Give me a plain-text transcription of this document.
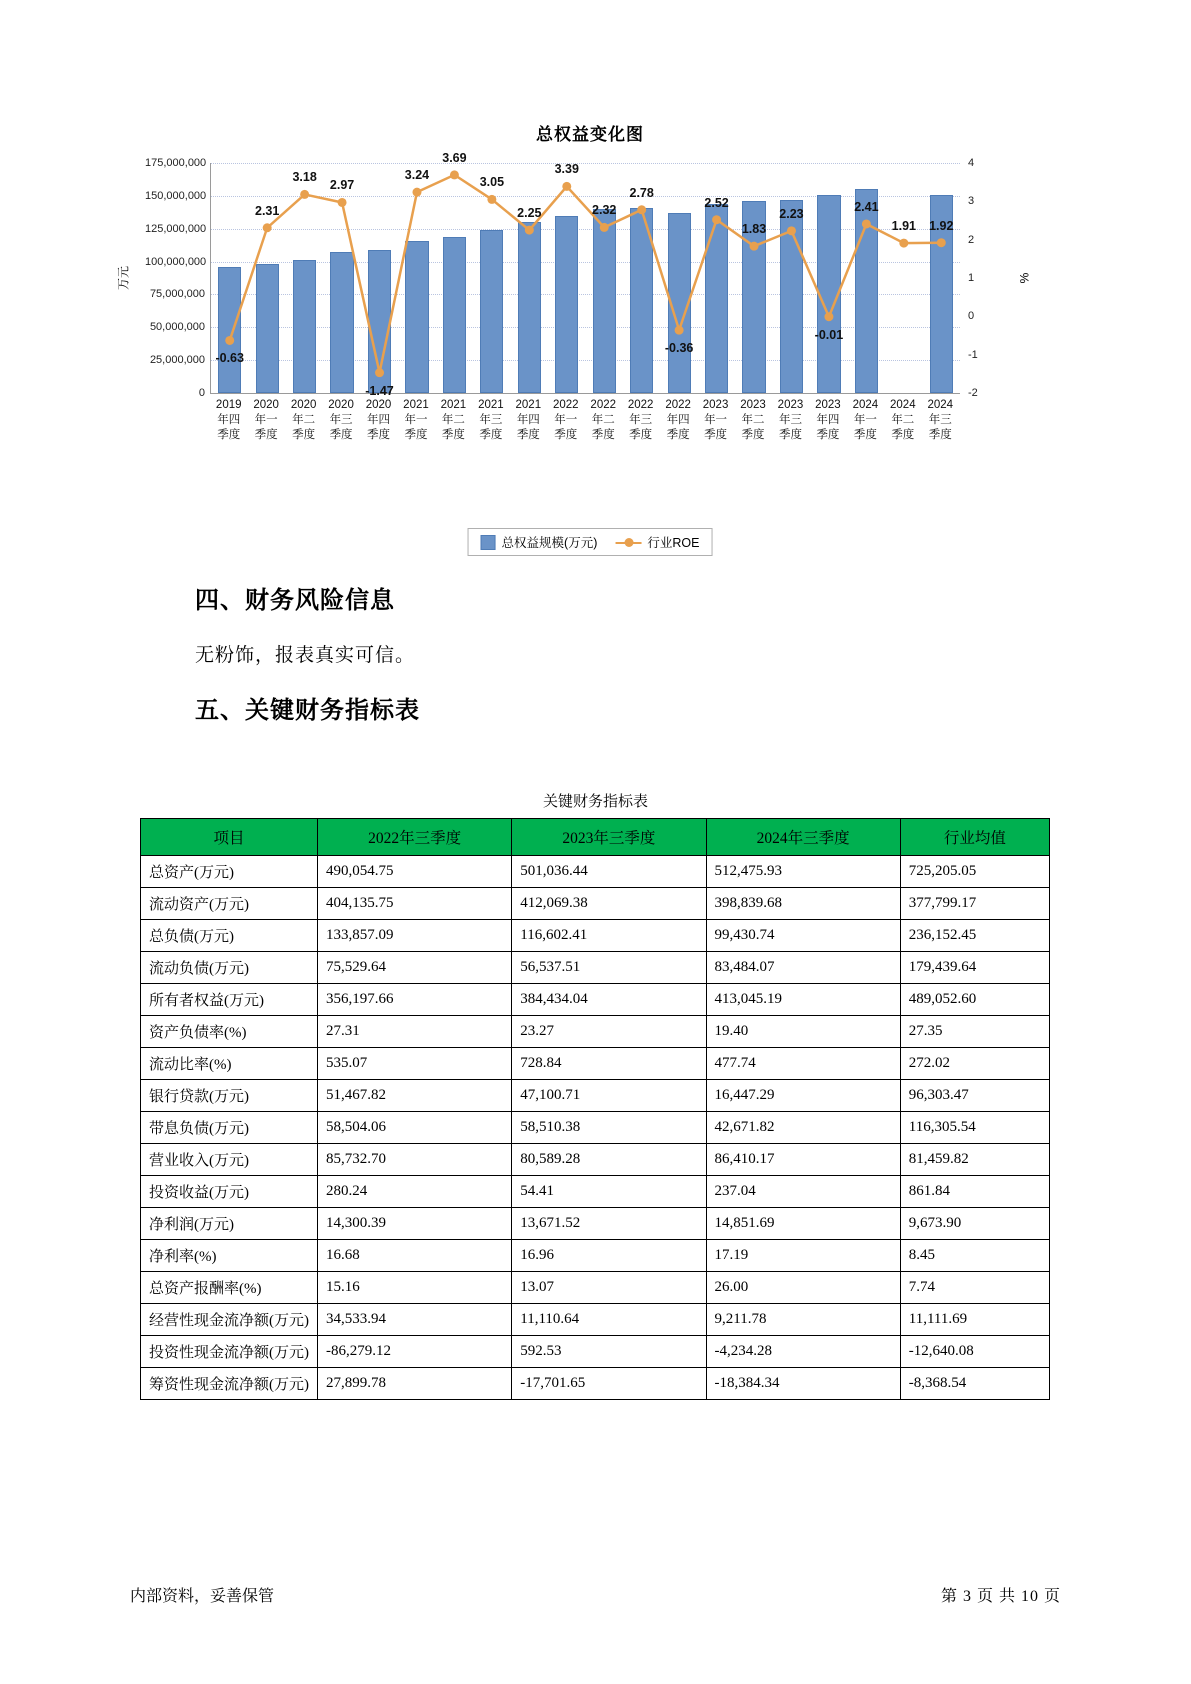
总权益变化图
万元	%
0
25,000,000
50,000,000
75,000,000
100,000,000
125,000,000
150,000,000
175,000,000
-2
-1
0
1
2
3
4
-0.63
2.31
3.18
2.97
-1.47
3.24
3.69
3.05
2.25
3.39
2.32
2.78
-0.36
2.52
1.83
2.23
-0.01
2.41
1.91 1.92
2019年四季度
2020年一季度
2020年二季度
2020年三季度
2020年四季度
2021年一季度
2021年二季度
2021年三季度
2021年四季度
2022年一季度
2022年二季度
2022年三季度
2022年四季度
2023年一季度
2023年二季度
2023年三季度
2023年四季度
2024年一季度
2024年二季度
2024年三季度
总权益规模(万元)	行业ROE
四、财务风险信息
无粉饰，报表真实可信。
五、关键财务指标表
关键财务指标表
项目	2022年三季度	2023年三季度	2024年三季度	行业均值
总资产(万元)	490,054.75	501,036.44	512,475.93	725,205.05
流动资产(万元)	404,135.75	412,069.38	398,839.68	377,799.17
总负债(万元)	133,857.09	116,602.41	99,430.74	236,152.45
流动负债(万元)	75,529.64	56,537.51	83,484.07	179,439.64
所有者权益(万元)	356,197.66	384,434.04	413,045.19	489,052.60
资产负债率(%)	27.31	23.27	19.40	27.35
流动比率(%)	535.07	728.84	477.74	272.02
银行贷款(万元)	51,467.82	47,100.71	16,447.29	96,303.47
带息负债(万元)	58,504.06	58,510.38	42,671.82	116,305.54
营业收入(万元)	85,732.70	80,589.28	86,410.17	81,459.82
投资收益(万元)	280.24	54.41	237.04	861.84
净利润(万元)	14,300.39	13,671.52	14,851.69	9,673.90
净利率(%)	16.68	16.96	17.19	8.45
总资产报酬率(%)	15.16	13.07	26.00	7.74
经营性现金流净额(万元)	34,533.94	11,110.64	9,211.78	11,111.69
投资性现金流净额(万元)	-86,279.12	592.53	-4,234.28	-12,640.08
筹资性现金流净额(万元)	27,899.78	-17,701.65	-18,384.34	-8,368.54
内部资料，妥善保管	第 3 页 共 10 页
